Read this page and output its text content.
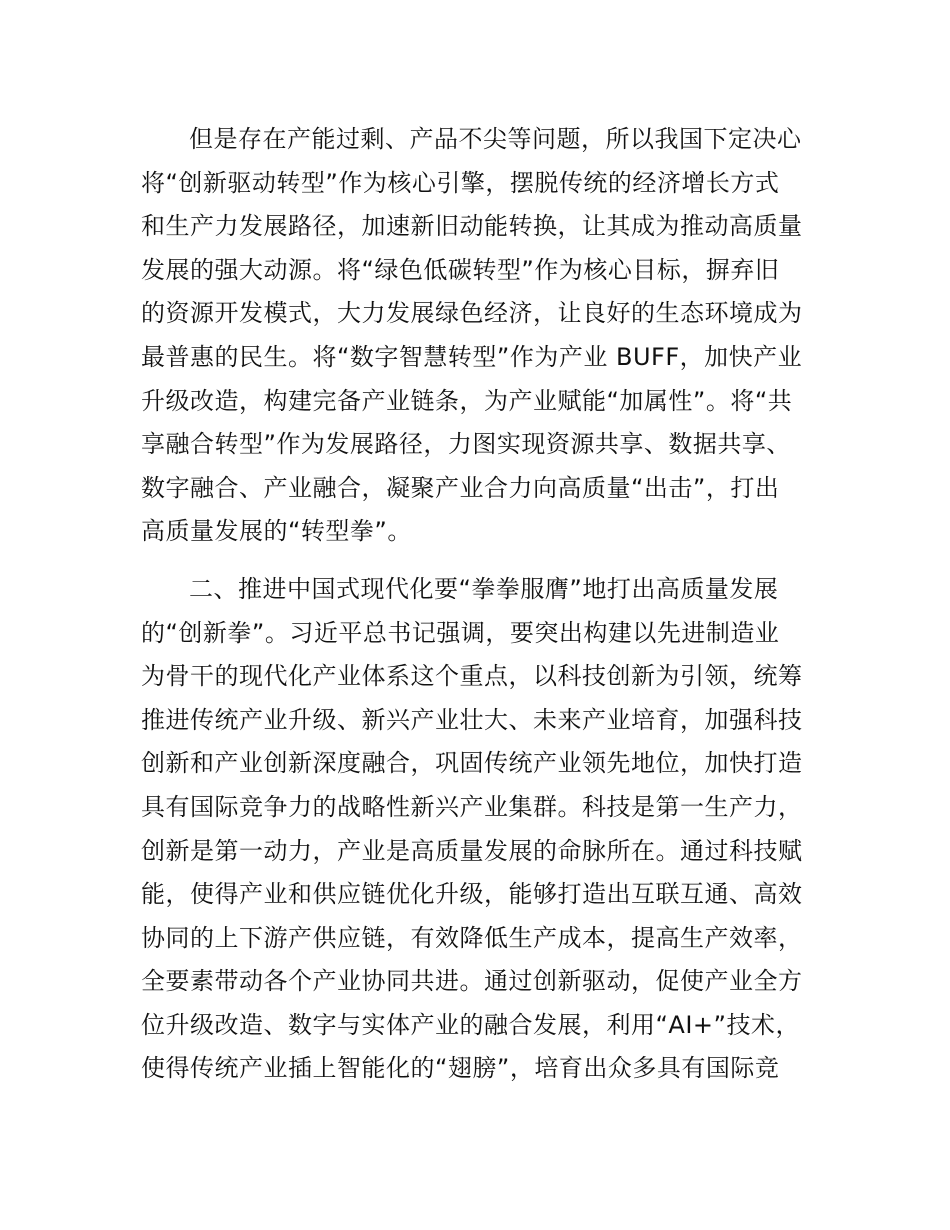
但是存在产能过剩、产品不尖等问题，所以我国下定决心
将“创新驱动转型”作为核心引擎，摆脱传统的经济增长方式
和生产力发展路径，加速新旧动能转换，让其成为推动高质量
发展的强大动源。将“绿色低碳转型”作为核心目标，摒弃旧
的资源开发模式，大力发展绿色经济，让良好的生态环境成为
最普惠的民生。将“数字智慧转型”作为产业 BUFF，加快产业
升级改造，构建完备产业链条，为产业赋能“加属性”。将“共
享融合转型”作为发展路径，力图实现资源共享、数据共享、
数字融合、产业融合，凝聚产业合力向高质量“出击”，打出
高质量发展的“转型拳”。
二、推进中国式现代化要“拳拳服膺”地打出高质量发展
的“创新拳”。习近平总书记强调，要突出构建以先进制造业
为骨干的现代化产业体系这个重点，以科技创新为引领，统筹
推进传统产业升级、新兴产业壮大、未来产业培育，加强科技
创新和产业创新深度融合，巩固传统产业领先地位，加快打造
具有国际竞争力的战略性新兴产业集群。科技是第一生产力，
创新是第一动力，产业是高质量发展的命脉所在。通过科技赋
能，使得产业和供应链优化升级，能够打造出互联互通、高效
协同的上下游产供应链，有效降低生产成本，提高生产效率，
全要素带动各个产业协同共进。通过创新驱动，促使产业全方
位升级改造、数字与实体产业的融合发展，利用“AI+”技术，
使得传统产业插上智能化的“翅膀”，培育出众多具有国际竞
